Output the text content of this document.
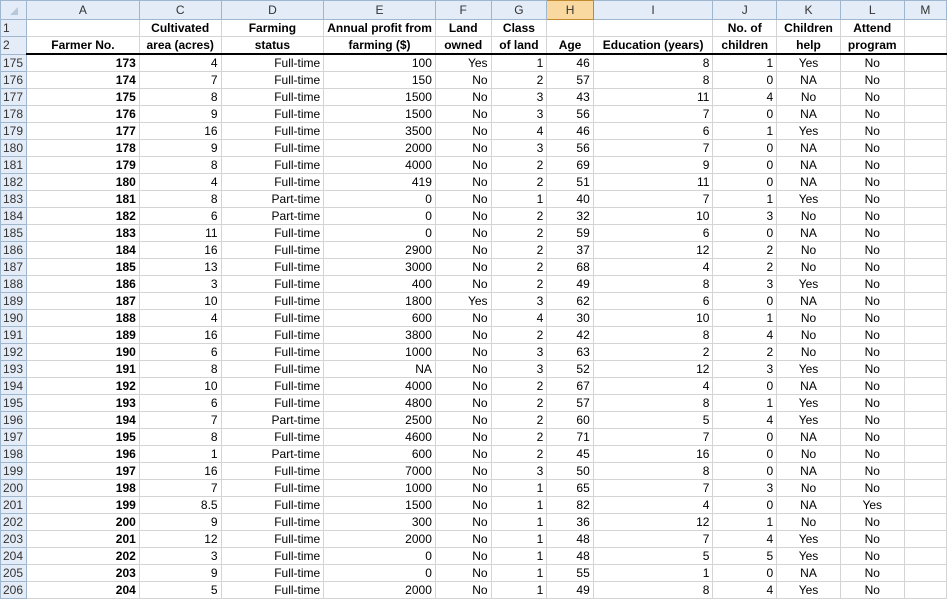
	A	C	D	E	F	G	H	I	J	K	L	M
1		Cultivated	Farming	Annual profit from	Land	Class			No. of	Children	Attend	
2	Farmer No.	area (acres)	status	farming ($)	owned	of land	Age	Education (years)	children	help	program	
175	173	4	Full-time	100	Yes	1	46	8	1	Yes	No	
176	174	7	Full-time	150	No	2	57	8	0	NA	No	
177	175	8	Full-time	1500	No	3	43	11	4	No	No	
178	176	9	Full-time	1500	No	3	56	7	0	NA	No	
179	177	16	Full-time	3500	No	4	46	6	1	Yes	No	
180	178	9	Full-time	2000	No	3	56	7	0	NA	No	
181	179	8	Full-time	4000	No	2	69	9	0	NA	No	
182	180	4	Full-time	419	No	2	51	11	0	NA	No	
183	181	8	Part-time	0	No	1	40	7	1	Yes	No	
184	182	6	Part-time	0	No	2	32	10	3	No	No	
185	183	11	Full-time	0	No	2	59	6	0	NA	No	
186	184	16	Full-time	2900	No	2	37	12	2	No	No	
187	185	13	Full-time	3000	No	2	68	4	2	No	No	
188	186	3	Full-time	400	No	2	49	8	3	Yes	No	
189	187	10	Full-time	1800	Yes	3	62	6	0	NA	No	
190	188	4	Full-time	600	No	4	30	10	1	No	No	
191	189	16	Full-time	3800	No	2	42	8	4	No	No	
192	190	6	Full-time	1000	No	3	63	2	2	No	No	
193	191	8	Full-time	NA	No	3	52	12	3	Yes	No	
194	192	10	Full-time	4000	No	2	67	4	0	NA	No	
195	193	6	Full-time	4800	No	2	57	8	1	Yes	No	
196	194	7	Part-time	2500	No	2	60	5	4	Yes	No	
197	195	8	Full-time	4600	No	2	71	7	0	NA	No	
198	196	1	Part-time	600	No	2	45	16	0	No	No	
199	197	16	Full-time	7000	No	3	50	8	0	NA	No	
200	198	7	Full-time	1000	No	1	65	7	3	No	No	
201	199	8.5	Full-time	1500	No	1	82	4	0	NA	Yes	
202	200	9	Full-time	300	No	1	36	12	1	No	No	
203	201	12	Full-time	2000	No	1	48	7	4	Yes	No	
204	202	3	Full-time	0	No	1	48	5	5	Yes	No	
205	203	9	Full-time	0	No	1	55	1	0	NA	No	
206	204	5	Full-time	2000	No	1	49	8	4	Yes	No	
